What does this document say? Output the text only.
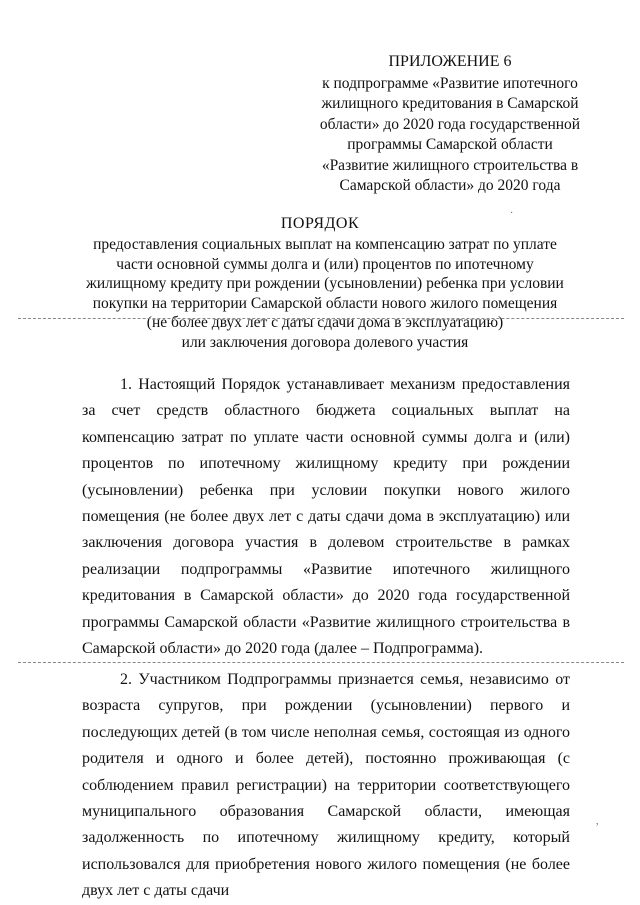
ПРИЛОЖЕНИЕ 6
к подпрограмме «Развитие ипотечного
жилищного кредитования в Самарской
области» до 2020 года государственной
программы Самарской области
«Развитие жилищного строительства в
Самарской области» до 2020 года
ПОРЯДОК
предоставления социальных выплат на компенсацию затрат по уплате
части основной суммы долга и (или) процентов по ипотечному
жилищному кредиту при рождении (усыновлении) ребенка при условии
покупки на территории Самарской области нового жилого помещения
(не более двух лет с даты сдачи дома в эксплуатацию)
или заключения договора долевого участия
,
·
1. Настоящий Порядок устанавливает механизм предоставления за счет средств областного бюджета социальных выплат на компенсацию затрат по уплате части основной суммы долга и (или) процентов по ипотечному жилищному кредиту при рождении (усыновлении) ребенка при условии покупки нового жилого помещения (не более двух лет с даты сдачи дома в эксплуатацию) или заключения договора участия в долевом строительстве в рамках реализации подпрограммы «Развитие ипотечного жилищного кредитования в Самарской области» до 2020 года государственной программы Самарской области «Развитие жилищного строительства в Самарской области» до 2020 года (далее – Подпрограмма).
2. Участником Подпрограммы признается семья, независимо от возраста супругов, при рождении (усыновлении) первого и последующих детей (в том числе неполная семья, состоящая из одного родителя и одного и более детей), постоянно проживающая (с соблюдением правил регистрации) на территории соответствующего муниципального образования Самарской области, имеющая задолженность по ипотечному жилищному кредиту, который использовался для приобретения нового жилого помещения (не более двух лет с даты сдачи
